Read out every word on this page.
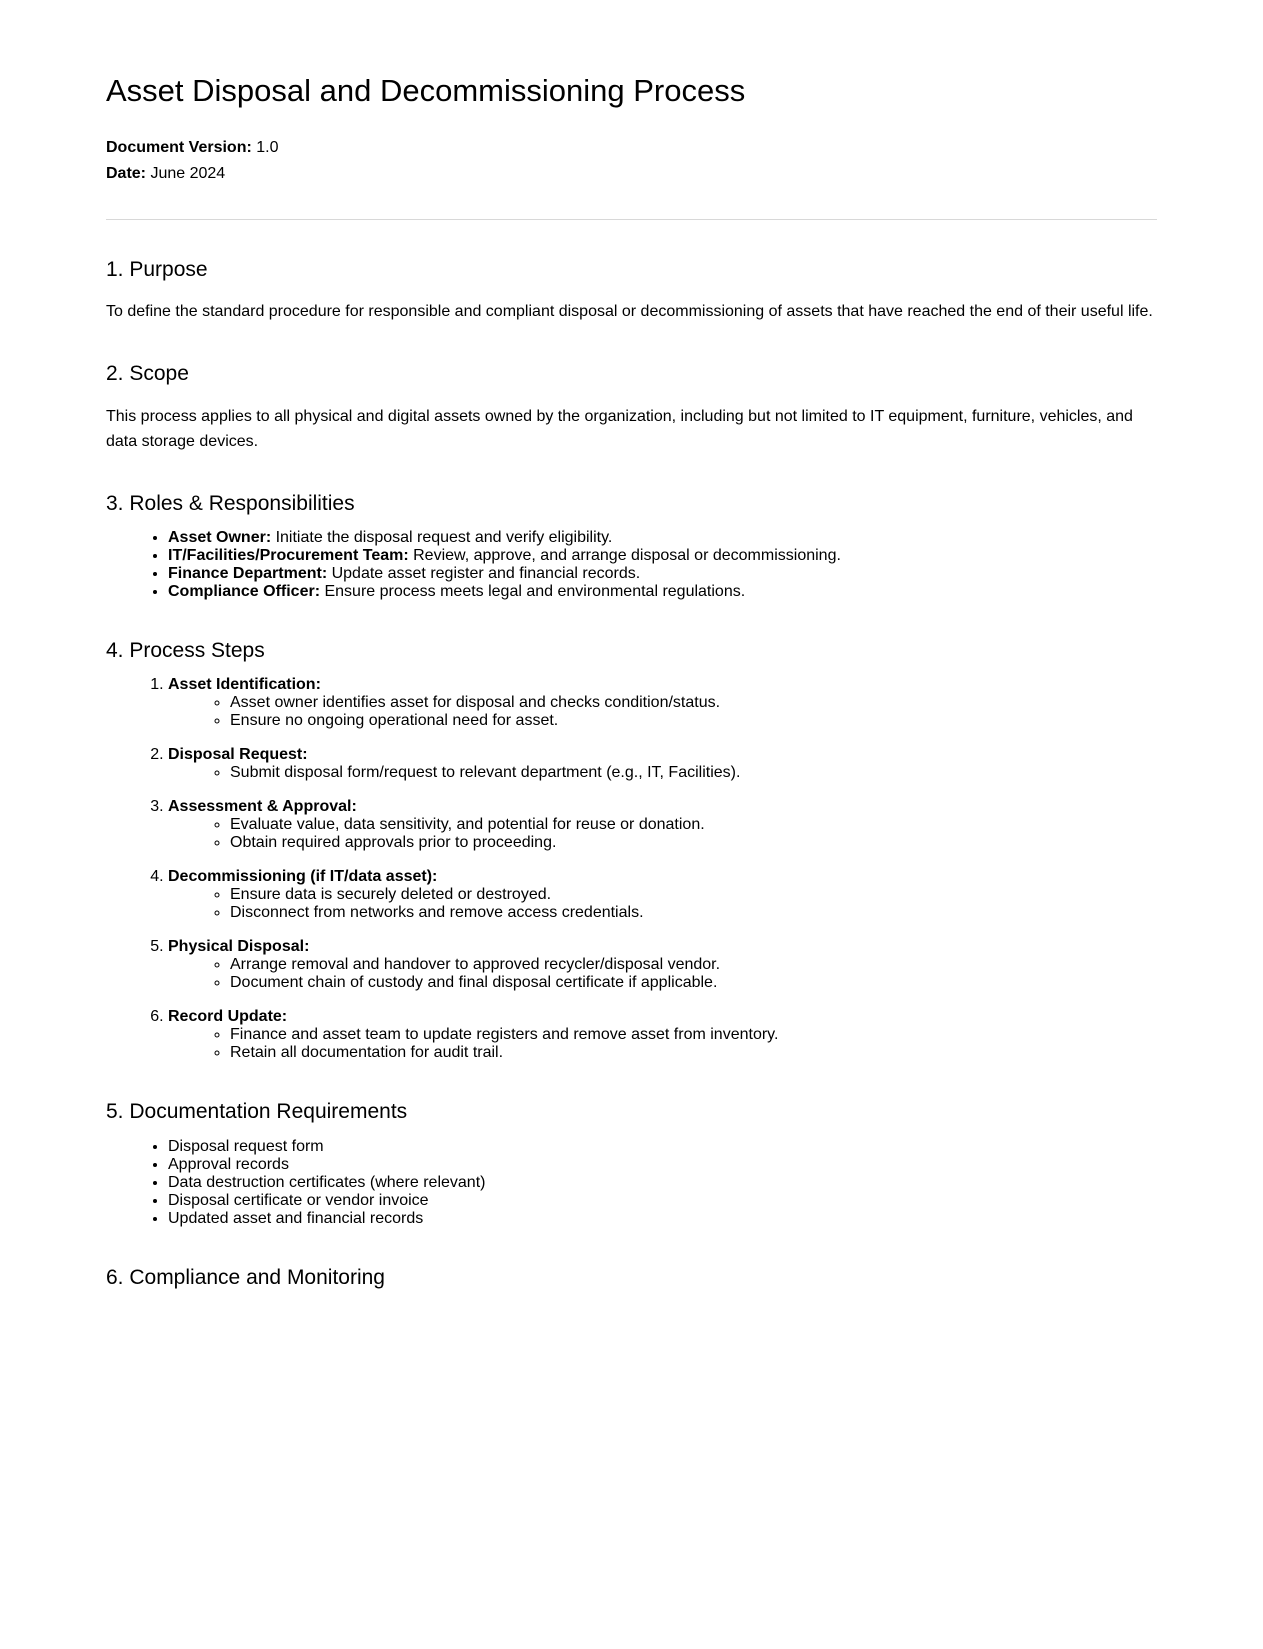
Asset Disposal and Decommissioning Process

Document Version: 1.0

Date: June 2024

1. Purpose

To define the standard procedure for responsible and compliant disposal or decommissioning of assets that have reached the end of their useful life.

2. Scope

This process applies to all physical and digital assets owned by the organization, including but not limited to IT equipment, furniture, vehicles, and data storage devices.

3. Roles & Responsibilities
• Asset Owner: Initiate the disposal request and verify eligibility.
• IT/Facilities/Procurement Team: Review, approve, and arrange disposal or decommissioning.
• Finance Department: Update asset register and financial records.
• Compliance Officer: Ensure process meets legal and environmental regulations.
4. Process Steps
1. Asset Identification:
◦ Asset owner identifies asset for disposal and checks condition/status.
◦ Ensure no ongoing operational need for asset.
2. Disposal Request:
◦ Submit disposal form/request to relevant department (e.g., IT, Facilities).
3. Assessment & Approval:
◦ Evaluate value, data sensitivity, and potential for reuse or donation.
◦ Obtain required approvals prior to proceeding.
4. Decommissioning (if IT/data asset):
◦ Ensure data is securely deleted or destroyed.
◦ Disconnect from networks and remove access credentials.
5. Physical Disposal:
◦ Arrange removal and handover to approved recycler/disposal vendor.
◦ Document chain of custody and final disposal certificate if applicable.
6. Record Update:
◦ Finance and asset team to update registers and remove asset from inventory.
◦ Retain all documentation for audit trail.
5. Documentation Requirements
• Disposal request form
• Approval records
• Data destruction certificates (where relevant)
• Disposal certificate or vendor invoice
• Updated asset and financial records
6. Compliance and Monitoring
